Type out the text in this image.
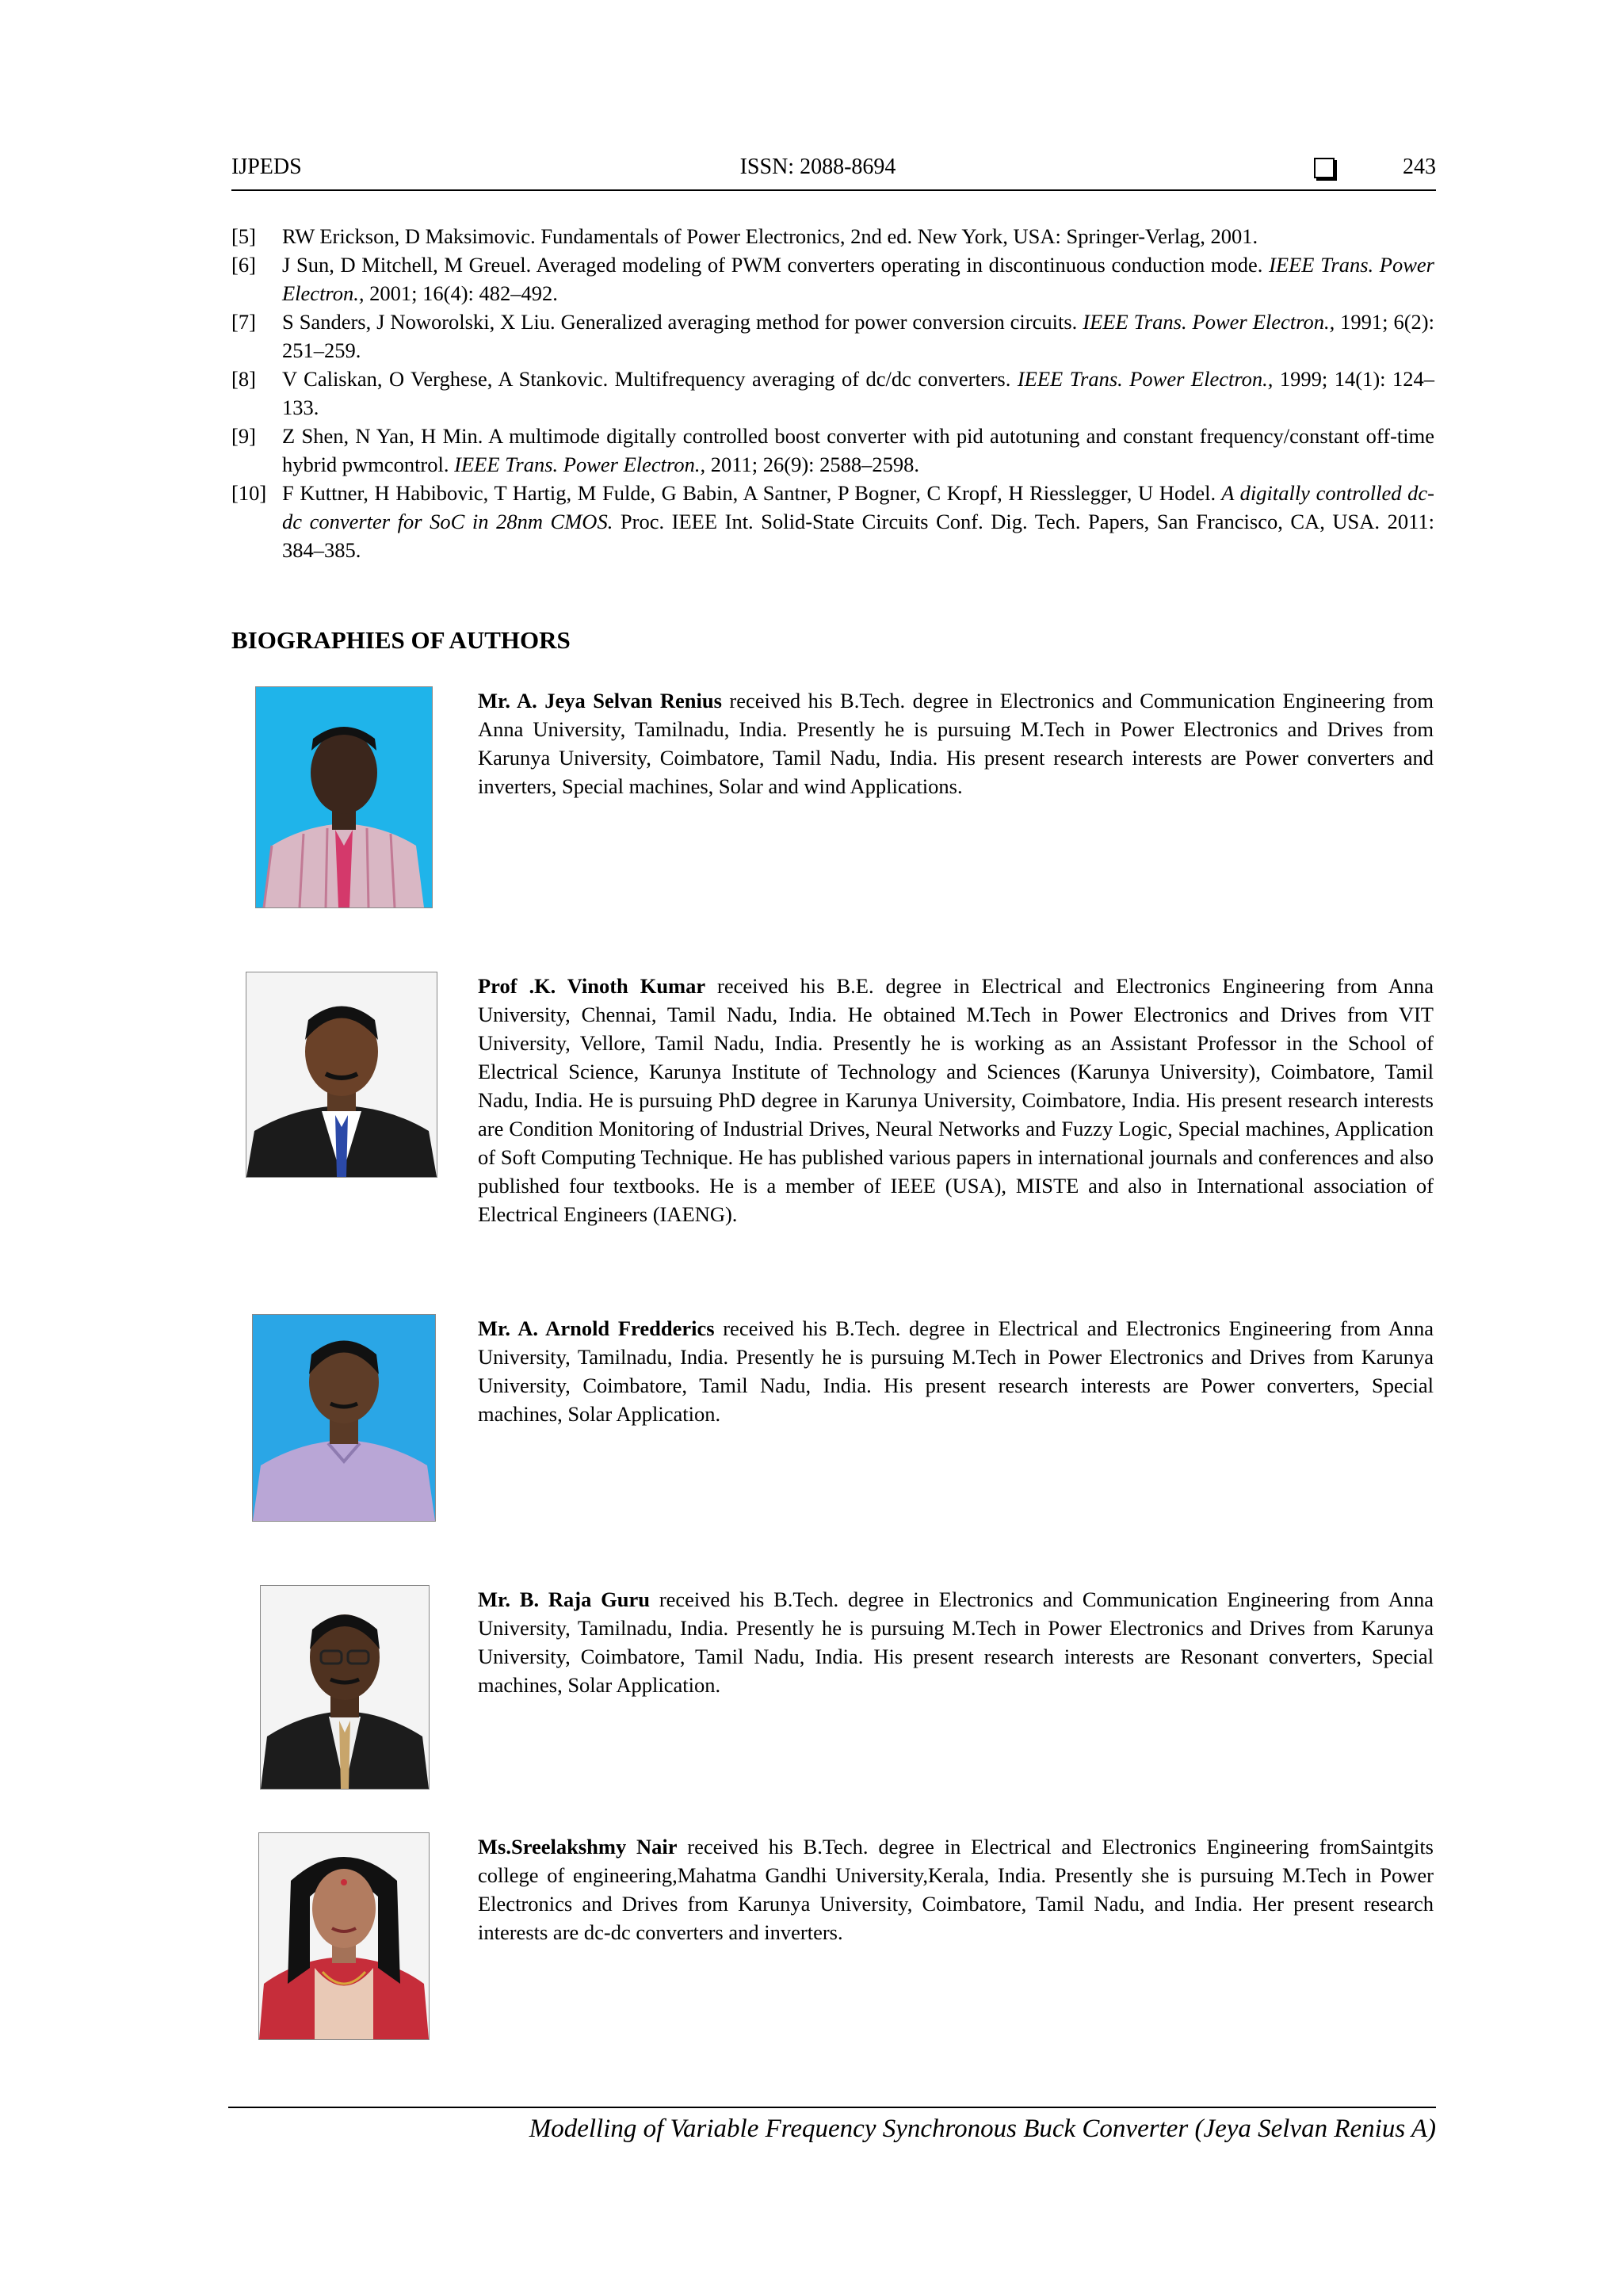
IJPEDS	ISSN: 2088-8694	243
[5] RW Erickson, D Maksimovic. Fundamentals of Power Electronics, 2nd ed. New York, USA: Springer-Verlag, 2001.
[6] J Sun, D Mitchell, M Greuel. Averaged modeling of PWM converters operating in discontinuous conduction mode. IEEE Trans. Power Electron., 2001; 16(4): 482–492.
[7] S Sanders, J Noworolski, X Liu. Generalized averaging method for power conversion circuits. IEEE Trans. Power Electron., 1991; 6(2): 251–259.
[8] V Caliskan, O Verghese, A Stankovic. Multifrequency averaging of dc/dc converters. IEEE Trans. Power Electron., 1999; 14(1): 124–133.
[9] Z Shen, N Yan, H Min. A multimode digitally controlled boost converter with pid autotuning and constant frequency/constant off-time hybrid pwmcontrol. IEEE Trans. Power Electron., 2011; 26(9): 2588–2598.
[10] F Kuttner, H Habibovic, T Hartig, M Fulde, G Babin, A Santner, P Bogner, C Kropf, H Riesslegger, U Hodel. A digitally controlled dc-dc converter for SoC in 28nm CMOS. Proc. IEEE Int. Solid-State Circuits Conf. Dig. Tech. Papers, San Francisco, CA, USA. 2011: 384–385.
BIOGRAPHIES OF AUTHORS
Mr. A. Jeya Selvan Renius received his B.Tech. degree in Electronics and Communication Engineering from Anna University, Tamilnadu, India. Presently he is pursuing M.Tech in Power Electronics and Drives from Karunya University, Coimbatore, Tamil Nadu, India. His present research interests are Power converters and inverters, Special machines, Solar and wind Applications.
Prof .K. Vinoth Kumar received his B.E. degree in Electrical and Electronics Engineering from Anna University, Chennai, Tamil Nadu, India. He obtained M.Tech in Power Electronics and Drives from VIT University, Vellore, Tamil Nadu, India. Presently he is working as an Assistant Professor in the School of Electrical Science, Karunya Institute of Technology and Sciences (Karunya University), Coimbatore, Tamil Nadu, India. He is pursuing PhD degree in Karunya University, Coimbatore, India. His present research interests are Condition Monitoring of Industrial Drives, Neural Networks and Fuzzy Logic, Special machines, Application of Soft Computing Technique. He has published various papers in international journals and conferences and also published four textbooks. He is a member of IEEE (USA), MISTE and also in International association of Electrical Engineers (IAENG).
Mr. A. Arnold Fredderics received his B.Tech. degree in Electrical and Electronics Engineering from Anna University, Tamilnadu, India. Presently he is pursuing M.Tech in Power Electronics and Drives from Karunya University, Coimbatore, Tamil Nadu, India. His present research interests are Power converters, Special machines, Solar Application.
Mr. B. Raja Guru received his B.Tech. degree in Electronics and Communication Engineering from Anna University, Tamilnadu, India. Presently he is pursuing M.Tech in Power Electronics and Drives from Karunya University, Coimbatore, Tamil Nadu, India. His present research interests are Resonant converters, Special machines, Solar Application.
Ms.Sreelakshmy Nair received his B.Tech. degree in Electrical and Electronics Engineering fromSaintgits college of engineering,Mahatma Gandhi University,Kerala, India. Presently she is pursuing M.Tech in Power Electronics and Drives from Karunya University, Coimbatore, Tamil Nadu, and India. Her present research interests are dc-dc converters and inverters.
Modelling of Variable Frequency Synchronous Buck Converter (Jeya Selvan Renius A)
